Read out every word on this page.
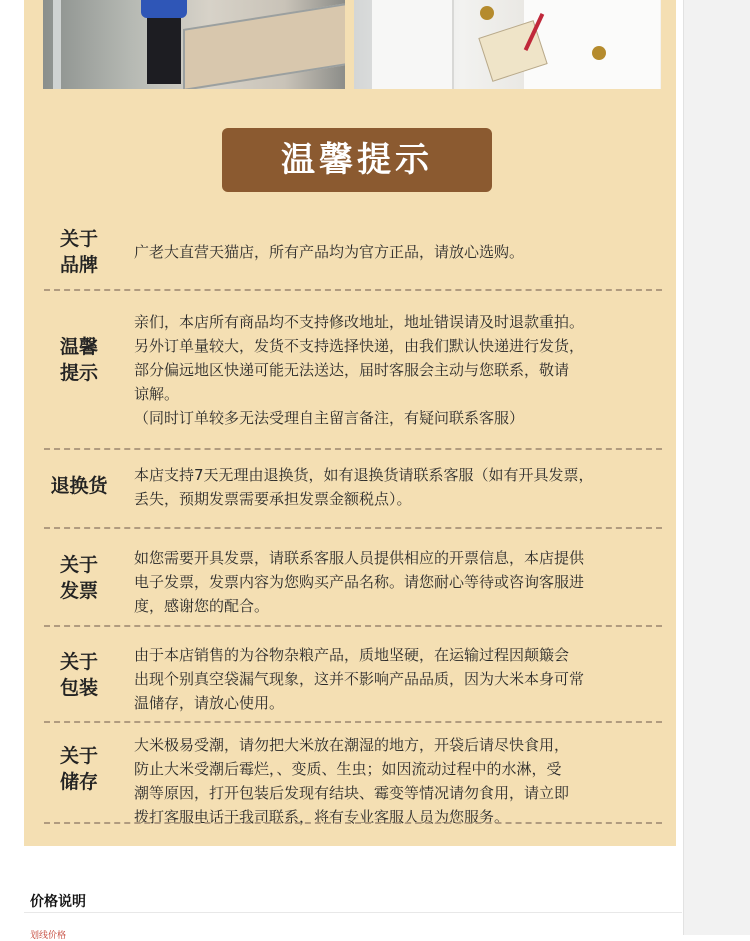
温馨提示
关于
品牌
广老大直营天猫店，所有产品均为官方正品，请放心选购。
温馨
提示
亲们，本店所有商品均不支持修改地址，地址错误请及时退款重拍。
另外订单量较大，发货不支持选择快递，由我们默认快递进行发货，
部分偏远地区快递可能无法送达，届时客服会主动与您联系，敬请
谅解。
（同时订单较多无法受理自主留言备注，有疑问联系客服）
退换货	本店支持7天无理由退换货，如有退换货请联系客服（如有开具发票，
丢失，预期发票需要承担发票金额税点）。
关于
发票
如您需要开具发票，请联系客服人员提供相应的开票信息，本店提供
电子发票，发票内容为您购买产品名称。请您耐心等待或咨询客服进
度，感谢您的配合。
关于
包装
由于本店销售的为谷物杂粮产品，质地坚硬，在运输过程因颠簸会
出现个别真空袋漏气现象，这并不影响产品品质，因为大米本身可常
温储存，请放心使用。
关于
储存
大米极易受潮，请勿把大米放在潮湿的地方，开袋后请尽快食用，
防止大米受潮后霉烂，、变质、生虫；如因流动过程中的水淋，受
潮等原因，打开包装后发现有结块、霉变等情况请勿食用，请立即
拨打客服电话于我司联系，将有专业客服人员为您服务。
价格说明
划线价格
